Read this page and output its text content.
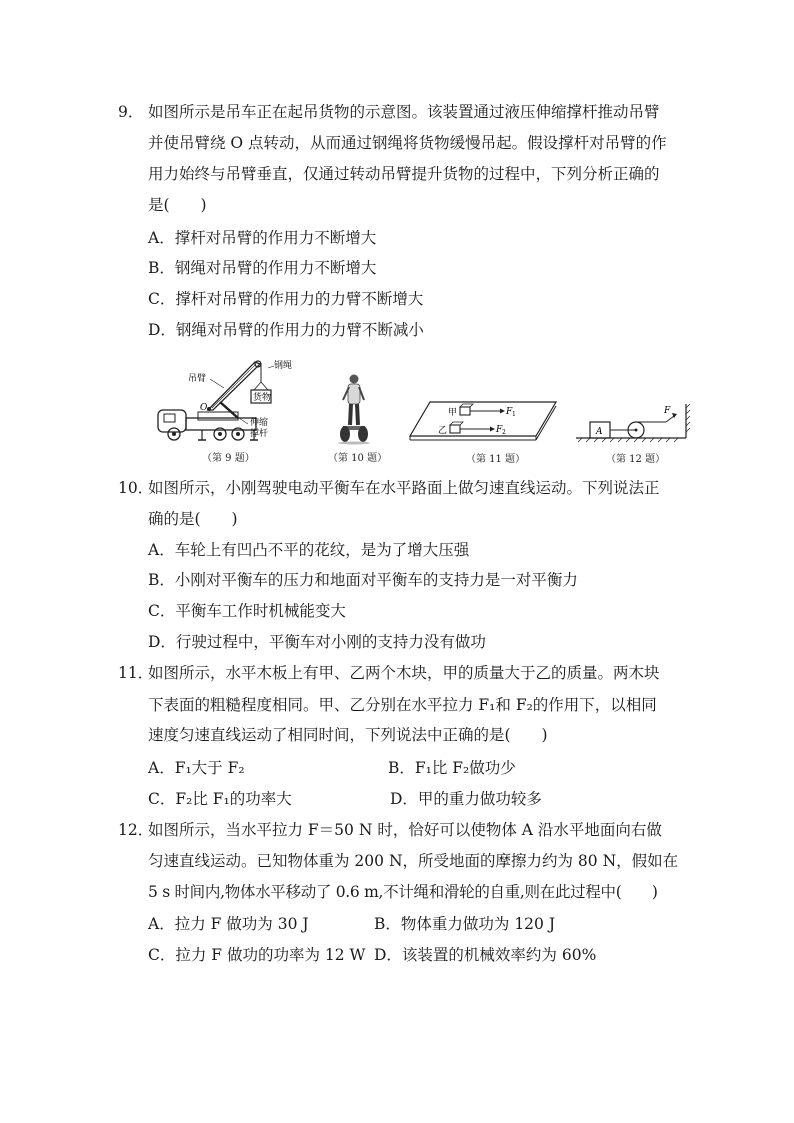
9． 如图所示是吊车正在起吊货物的示意图。该装置通过液压伸缩撑杆推动吊臂
并使吊臂绕 O 点转动，从而通过钢绳将货物缓慢吊起。假设撑杆对吊臂的作
用力始终与吊臂垂直，仅通过转动吊臂提升货物的过程中，下列分析正确的
是(　　)
A．撑杆对吊臂的作用力不断增大
B．钢绳对吊臂的作用力不断增大
C．撑杆对吊臂的作用力的力臂不断增大
D．钢绳对吊臂的作用力的力臂不断减小
吊臂
钢绳
货物
O
伸缩
撑杆
（第 9 题）	（第 10 题）
甲
乙
F 1
F 2
（第 11 题）
A
F
（第 12 题）
10．
如图所示，小刚驾驶电动平衡车在水平路面上做匀速直线运动。下列说法正
确的是(　　)
A．车轮上有凹凸不平的花纹，是为了增大压强
B．小刚对平衡车的压力和地面对平衡车的支持力是一对平衡力
C．平衡车工作时机械能变大
D．行驶过程中，平衡车对小刚的支持力没有做功
11．
如图所示，水平木板上有甲、乙两个木块，甲的质量大于乙的质量。两木块
下表面的粗糙程度相同。甲、乙分别在水平拉力 F₁和 F₂的作用下，以相同
速度匀速直线运动了相同时间，下列说法中正确的是(　　)
A．F₁大于 F₂	B．F₁比 F₂做功少
C．F₂比 F₁的功率大	D．甲的重力做功较多
12．
如图所示，当水平拉力 F＝50 N 时，恰好可以使物体 A 沿水平地面向右做
匀速直线运动。已知物体重为 200 N，所受地面的摩擦力约为 80 N，假如在
5 s 时间内,物体水平移动了 0.6 m,不计绳和滑轮的自重,则在此过程中(　　)
A．拉力 F 做功为 30 J	B．物体重力做功为 120 J
C．拉力 F 做功的功率为 12 W D．该装置的机械效率约为 60%
